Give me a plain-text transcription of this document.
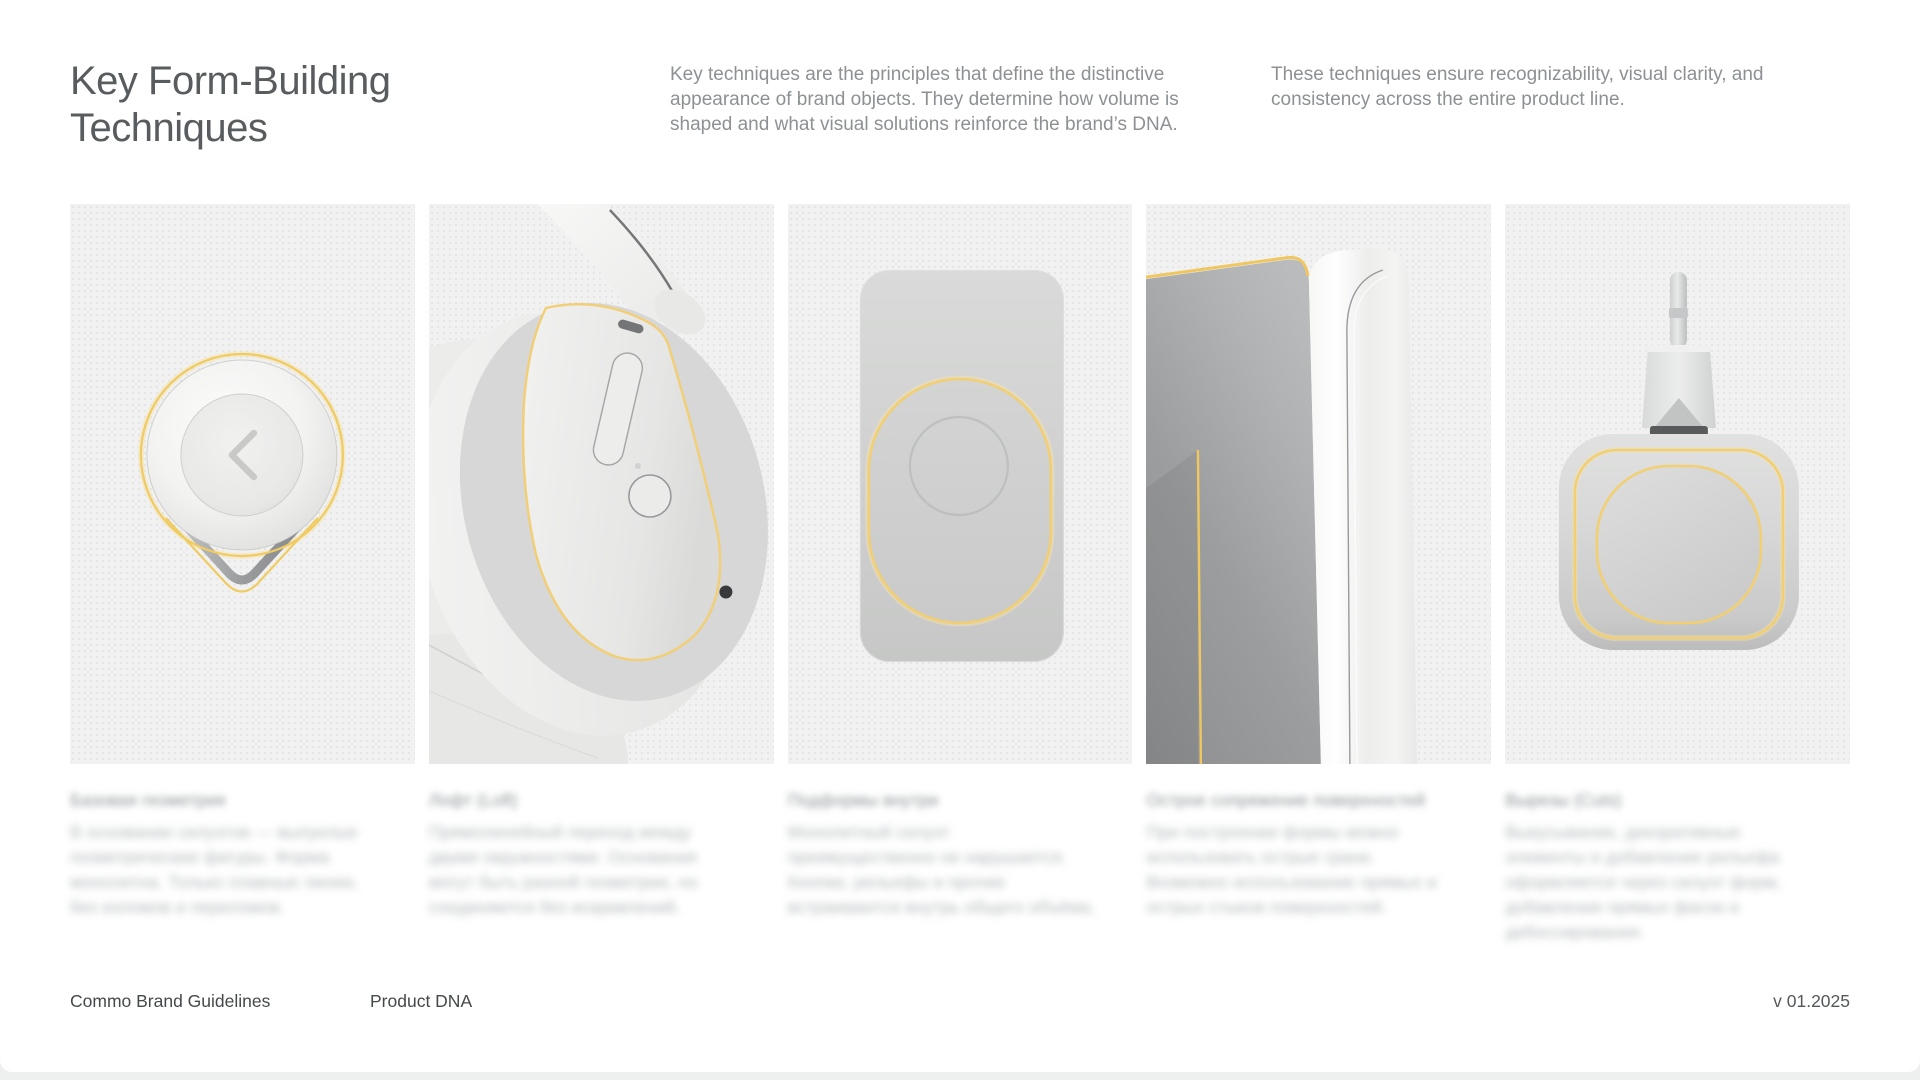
Key Form-Building Techniques

Key techniques are the principles that define the distinctive appearance of brand objects. They determine how volume is shaped and what visual solutions reinforce the brand’s DNA.

These techniques ensure recognizability, visual clarity, and consistency across the entire product line.

Базовая геометрия

В основании силуэтов — выпуклые геометрические фигуры. Форма монолитна. Только плавные линии, без изломов и переломов.

Лофт (Loft)

Прямолинейный переход между двумя окружностями. Основания могут быть разной геометрии, но соединяются без искривлений.

Подформы внутри

Монолитный силуэт преимущественно не нарушается. Кнопки, рельефы и прочие встраиваются внутрь общего объёма.

Острое сопряжение поверхностей

При построении формы можно использовать острые грани. Возможно использование прямых и острых стыков поверхностей.

Вырезы (Cuts)

Выкусывание, декоративные элементы и добавление рельефа оформляется через силуэт форм, добавления прямых фасок и дебоссирования.

Commo Brand Guidelines	Product DNA	v 01.2025
